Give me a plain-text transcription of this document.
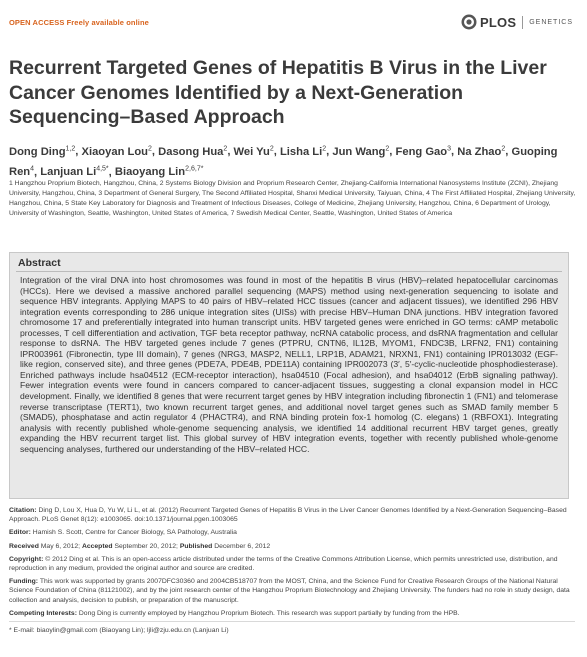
OPEN ACCESS Freely available online	PLOS GENETICS
Recurrent Targeted Genes of Hepatitis B Virus in the Liver Cancer Genomes Identified by a Next-Generation Sequencing–Based Approach
Dong Ding$^{1,2}$, Xiaoyan Lou$^2$, Dasong Hua$^2$, Wei Yu$^2$, Lisha Li$^2$, Jun Wang$^2$, Feng Gao$^3$, Na Zhao$^2$, Guoping Ren$^4$, Lanjuan $Li^{4,5*}$, Biaoyang Lin$^{2,6,7*}$
1 Hangzhou Proprium Biotech, Hangzhou, China, 2 Systems Biology Division and Proprium Research Center, Zhejiang-California International Nanosystems Institute (ZCNI), Zhejiang University, Hangzhou, China, 3 Department of General Surgery, The Second Affiliated Hospital, Shanxi Medical University, Taiyuan, China, 4 The First Affiliated Hospital, Zhejiang University, Hangzhou, China, 5 State Key Laboratory for Diagnosis and Treatment of Infectious Diseases, College of Medicine, Zhejiang University, Hangzhou, China, 6 Department of Urology, University of Washington, Seattle, Washington, United States of America, 7 Swedish Medical Center, Seattle, Washington, United States of America
Abstract

Integration of the viral DNA into host chromosomes was found in most of the hepatitis B virus (HBV)–related hepatocellular carcinomas (HCCs). Here we devised a massive anchored parallel sequencing (MAPS) method using next-generation sequencing to isolate and sequence HBV integrants. Applying MAPS to 40 pairs of HBV–related HCC tissues (cancer and adjacent tissues), we identified 296 HBV integration events corresponding to 286 unique integration sites (UISs) with precise HBV–Human DNA junctions. HBV integration favored chromosome 17 and preferentially integrated into human transcript units. HBV targeted genes were enriched in GO terms: cAMP metabolic processes, T cell differentiation and activation, TGF beta receptor pathway, ncRNA catabolic process, and dsRNA fragmentation and cellular response to dsRNA. The HBV targeted genes include 7 genes (PTPRU, CNTN6, IL12B, MYOM1, FNDC3B, LRFN2, FN1) containing IPR003961 (Fibronectin, type III domain), 7 genes (NRG3, MASP2, NELL1, LRP1B, ADAM21, NRXN1, FN1) containing IPR013032 (EGF-like region, conserved site), and three genes (PDE7A, PDE4B, PDE11A) containing IPR002073 (3′, 5′-cyclic-nucleotide phosphodiesterase). Enriched pathways include hsa04512 (ECM-receptor interaction), hsa04510 (Focal adhesion), and hsa04012 (ErbB signaling pathway). Fewer integration events were found in cancers compared to cancer-adjacent tissues, suggesting a clonal expansion model in HCC development. Finally, we identified 8 genes that were recurrent target genes by HBV integration including fibronectin 1 (FN1) and telomerase reverse transcriptase (TERT1), two known recurrent target genes, and additional novel target genes such as SMAD family member 5 (SMAD5), phosphatase and actin regulator 4 (PHACTR4), and RNA binding protein fox-1 homolog (C. elegans) 1 (RBFOX1). Integrating analysis with recently published whole-genome sequencing analysis, we identified 14 additional recurrent HBV target genes, greatly expanding the HBV recurrent target list. This global survey of HBV integration events, together with recently published whole-genome sequencing analyses, furthered our understanding of the HBV–related HCC.

Citation: Ding D, Lou X, Hua D, Yu W, Li L, et al. (2012) Recurrent Targeted Genes of Hepatitis B Virus in the Liver Cancer Genomes Identified by a Next-Generation Sequencing–Based Approach. PLoS Genet 8(12): e1003065. doi:10.1371/journal.pgen.1003065
Editor: Hamish S. Scott, Centre for Cancer Biology, SA Pathology, Australia
Received May 6, 2012; Accepted September 20, 2012; Published December 6, 2012
Copyright: © 2012 Ding et al. This is an open-access article distributed under the terms of the Creative Commons Attribution License, which permits unrestricted use, distribution, and reproduction in any medium, provided the original author and source are credited.
Funding: This work was supported by grants 2007DFC30360 and 2004CB518707 from the MOST, China, and the Science Fund for Creative Research Groups of the National Natural Science Foundation of China (81121002), and by the joint research center of the Hangzhou Proprium Biotechnology and Zhejiang University. The funders had no role in study design, data collection and analysis, decision to publish, or preparation of the manuscript.
Competing Interests: Dong Ding is currently employed by Hangzhou Proprium Biotech. This research was support partially by funding from the HPB.
* E-mail: biaoylin@gmail.com (Biaoyang Lin); ljli@zju.edu.cn (Lanjuan Li)
